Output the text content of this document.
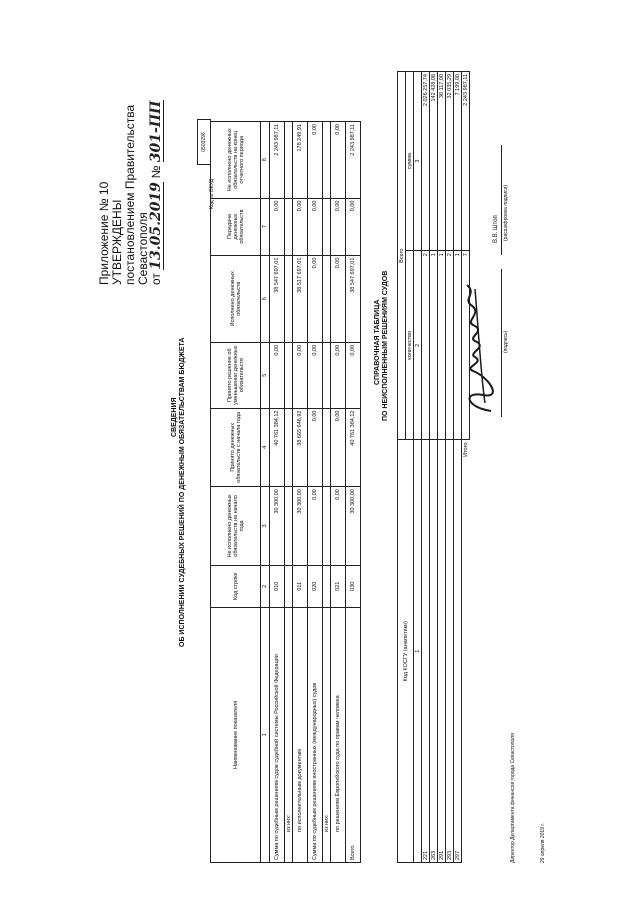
Приложение № 10 УТВЕРЖДЕНЫ постановлением Правительства Севастополя от 13.05.2019 № 301-ПП
СВЕДЕНИЯ ОБ ИСПОЛНЕНИИ СУДЕБНЫХ РЕШЕНИЙ ПО ДЕНЕЖНЫМ ОБЯЗАТЕЛЬСТВАМ БЮДЖЕТА
Код по ОКУД
0503296
Наименование показателя	Код строки	Не исполнено денежных обязательств на начало года	Принято денежных обязательств с начала года	Принято решение об уменьшении денежных обязательств	Исполнено денежных обязательств	Передача денежных обязательств	Не исполнено денежных обязательств на конец отчетного периода
1	2	3	4	5	6	7	8
Сумма по судебным решениям судов судебной системы Российской Федерации	010	30 300,00	40 761 384,12	0,00	38 547 697,01	0,00	2 243 987,11
из них:							
по исполнительным документам	011	30 300,00	38 665 646,92	0,00	38 517 697,01	0,00	178 249,91
Сумма по судебным решениям иностранных (международных) судов	020	0,00	0,00	0,00	0,00	0,00	0,00
из них:							
по решениям Европейского суда по правам человека	021	0,00	0,00	0,00	0,00	0,00	0,00
Всего	030	30 300,00	40 761 384,12	0,00	38 547 697,01	0,00	2 243 987,11
СПРАВОЧНАЯ ТАБЛИЦА ПО НЕИСПОЛНЕННЫМ РЕШЕНИЯМ СУДОВ
Код КОСГУ (аналитики)	Всего	
	количество	сумма
1	2	3
221	2	2 026 257,74
263	1	142 428,08
291	1	36 117,00
293	2	32 035,29
297	1	7 199,00
Итого	7	2 243 987,11
Директор Департамента финансов города Севастополя
(подпись)
В.В. Штоп (расшифровка подписи)
29 апреля 2019 г.
